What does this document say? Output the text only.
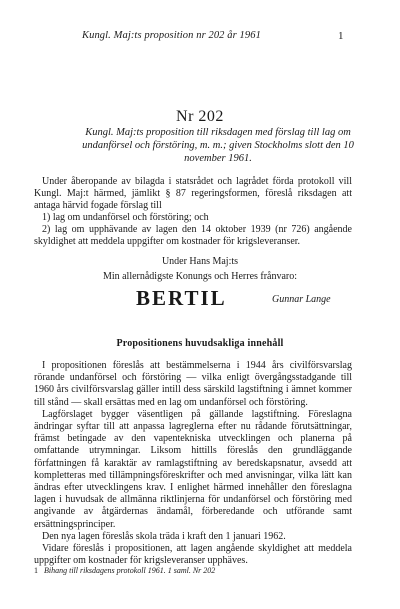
Kungl. Maj:ts proposition nr 202 år 1961	1
Nr 202
Kungl. Maj:ts proposition till riksdagen med förslag till lag om undanförsel och förstöring, m. m.; given Stockholms slott den 10 november 1961.

Under åberopande av bilagda i statsrådet och lagrådet förda protokoll vill Kungl. Maj:t härmed, jämlikt § 87 regeringsformen, föreslå riksdagen att antaga härvid fogade förslag till

1) lag om undanförsel och förstöring; och

2) lag om upphävande av lagen den 14 oktober 1939 (nr 726) angående skyldighet att meddela uppgifter om kostnader för krigsleveranser.

Under Hans Maj:ts
Min allernådigste Konungs och Herres frånvaro:
BERTIL	Gunnar Lange
Propositionens huvudsakliga innehåll

I propositionen föreslås att bestämmelserna i 1944 års civilförsvarslag rörande undanförsel och förstöring — vilka enligt övergångsstadgande till 1960 års civilförsvarslag gäller intill dess särskild lagstiftning i ämnet kommer till stånd — skall ersättas med en lag om undanförsel och förstöring.

Lagförslaget bygger väsentligen på gällande lagstiftning. Föreslagna ändringar syftar till att anpassa lagreglerna efter nu rådande förutsättningar, främst betingade av den vapentekniska utvecklingen och planerna på omfattande utrymningar. Liksom hittills föreslås den grundläggande författningen få karaktär av ramlagstiftning av beredskapsnatur, avsedd att kompletteras med tillämpningsföreskrifter och med anvisningar, vilka lätt kan ändras efter utvecklingens krav. I enlighet härmed innehåller den föreslagna lagen i huvudsak de allmänna riktlinjerna för undanförsel och förstöring med angivande av åtgärdernas ändamål, förberedande och utförande samt ersättningsprinciper.

Den nya lagen föreslås skola träda i kraft den 1 januari 1962.

Vidare föreslås i propositionen, att lagen angående skyldighet att meddela uppgifter om kostnader för krigsleveranser upphäves.

1 Bihang till riksdagens protokoll 1961. 1 saml. Nr 202
